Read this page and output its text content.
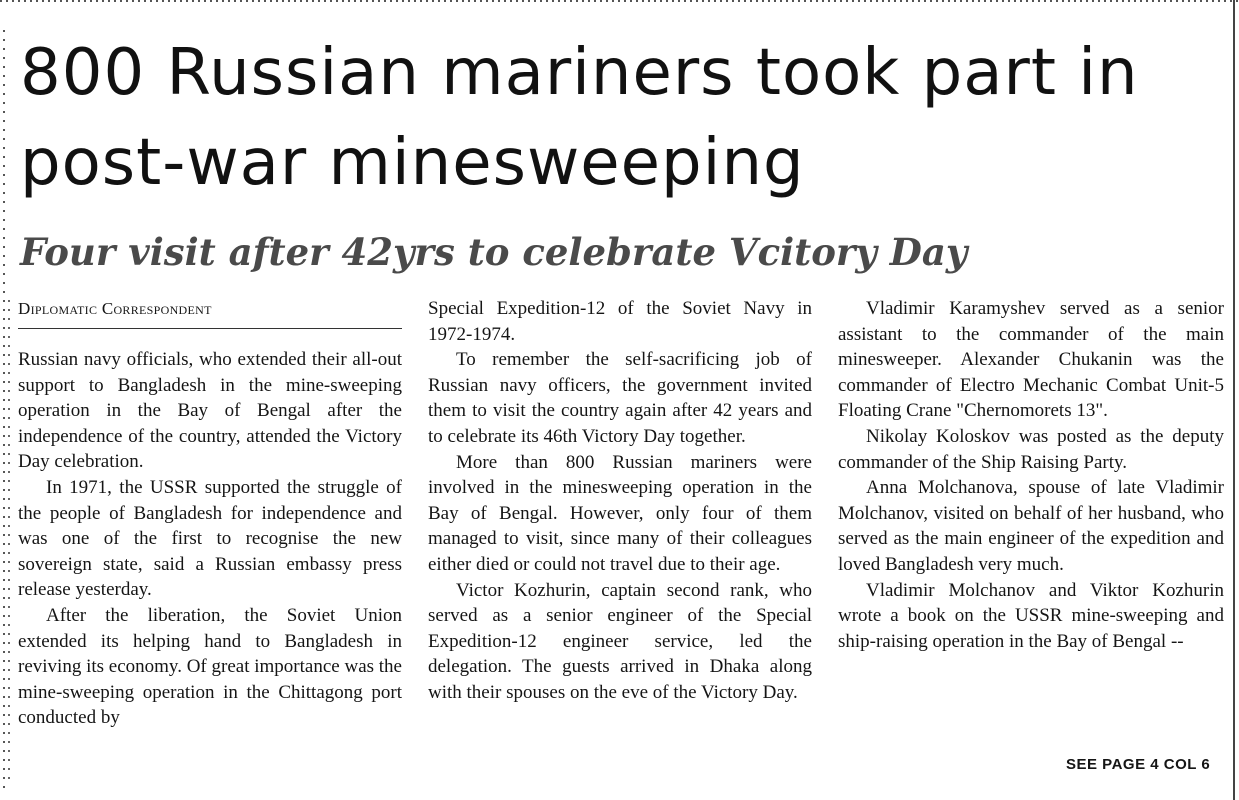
800 Russian mariners took part in post-war minesweeping
Four visit after 42yrs to celebrate Vcitory Day

Diplomatic Correspondent

Russian navy officials, who extended their all-out support to Bangladesh in the mine-sweeping operation in the Bay of Bengal after the independence of the country, attended the Victory Day celebration.

In 1971, the USSR supported the struggle of the people of Bangladesh for independence and was one of the first to recognise the new sovereign state, said a Russian embassy press release yesterday.

After the liberation, the Soviet Union extended its helping hand to Bangladesh in reviving its economy. Of great importance was the mine-sweeping operation in the Chittagong port conducted by

Special Expedition-12 of the Soviet Navy in 1972-1974.

To remember the self-sacrificing job of Russian navy officers, the government invited them to visit the country again after 42 years and to celebrate its 46th Victory Day together.

More than 800 Russian mariners were involved in the minesweeping operation in the Bay of Bengal. However, only four of them managed to visit, since many of their colleagues either died or could not travel due to their age.

Victor Kozhurin, captain second rank, who served as a senior engineer of the Special Expedition-12 engineer service, led the delegation. The guests arrived in Dhaka along with their spouses on the eve of the Victory Day.

Vladimir Karamyshev served as a senior assistant to the commander of the main minesweeper. Alexander Chukanin was the commander of Electro Mechanic Combat Unit-5 Floating Crane "Chernomorets 13".

Nikolay Koloskov was posted as the deputy commander of the Ship Raising Party.

Anna Molchanova, spouse of late Vladimir Molchanov, visited on behalf of her husband, who served as the main engineer of the expedition and loved Bangladesh very much.

Vladimir Molchanov and Viktor Kozhurin wrote a book on the USSR mine-sweeping and ship-raising operation in the Bay of Bengal --

SEE PAGE 4 COL 6
